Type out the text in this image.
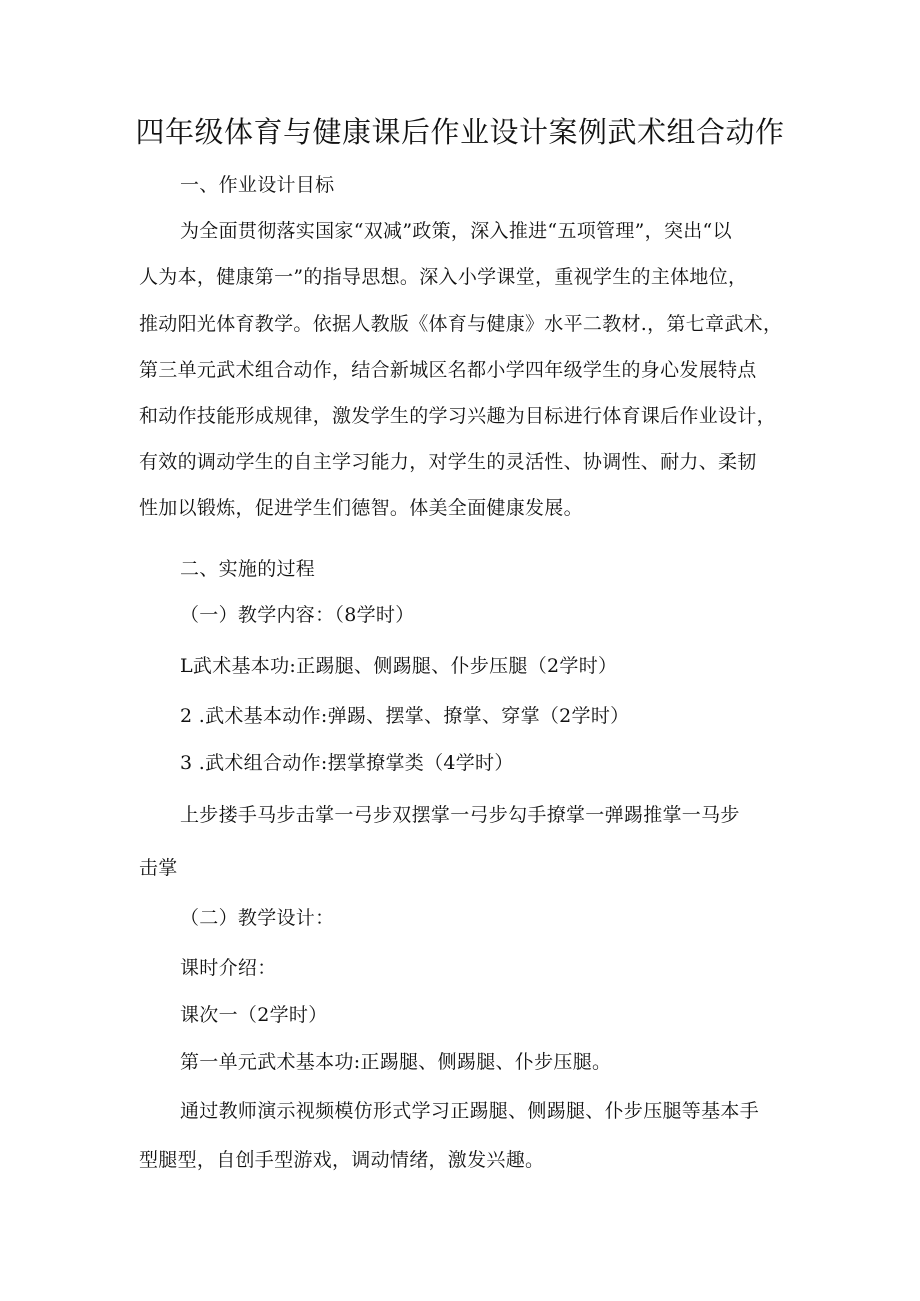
四年级体育与健康课后作业设计案例武术组合动作
一、作业设计目标
为全面贯彻落实国家“双减”政策，深入推进“五项管理”，突出“以
人为本，健康第一”的指导思想。深入小学课堂，重视学生的主体地位，
推动阳光体育教学。依据人教版《体育与健康》水平二教材.，第七章武术，
第三单元武术组合动作，结合新城区名都小学四年级学生的身心发展特点
和动作技能形成规律，激发学生的学习兴趣为目标进行体育课后作业设计，
有效的调动学生的自主学习能力，对学生的灵活性、协调性、耐力、柔韧
性加以锻炼，促进学生们德智。体美全面健康发展。
二、实施的过程
（一）教学内容：（8学时）
L武术基本功:正踢腿、侧踢腿、仆步压腿（2学时）
2 .武术基本动作:弹踢、摆掌、撩掌、穿掌（2学时）
3 .武术组合动作:摆掌撩掌类（4学时）
上步搂手马步击掌一弓步双摆掌一弓步勾手撩掌一弹踢推掌一马步
击掌
（二）教学设计：
课时介绍：
课次一（2学时）
第一单元武术基本功:正踢腿、侧踢腿、仆步压腿。
通过教师演示视频模仿形式学习正踢腿、侧踢腿、仆步压腿等基本手
型腿型，自创手型游戏，调动情绪，激发兴趣。
